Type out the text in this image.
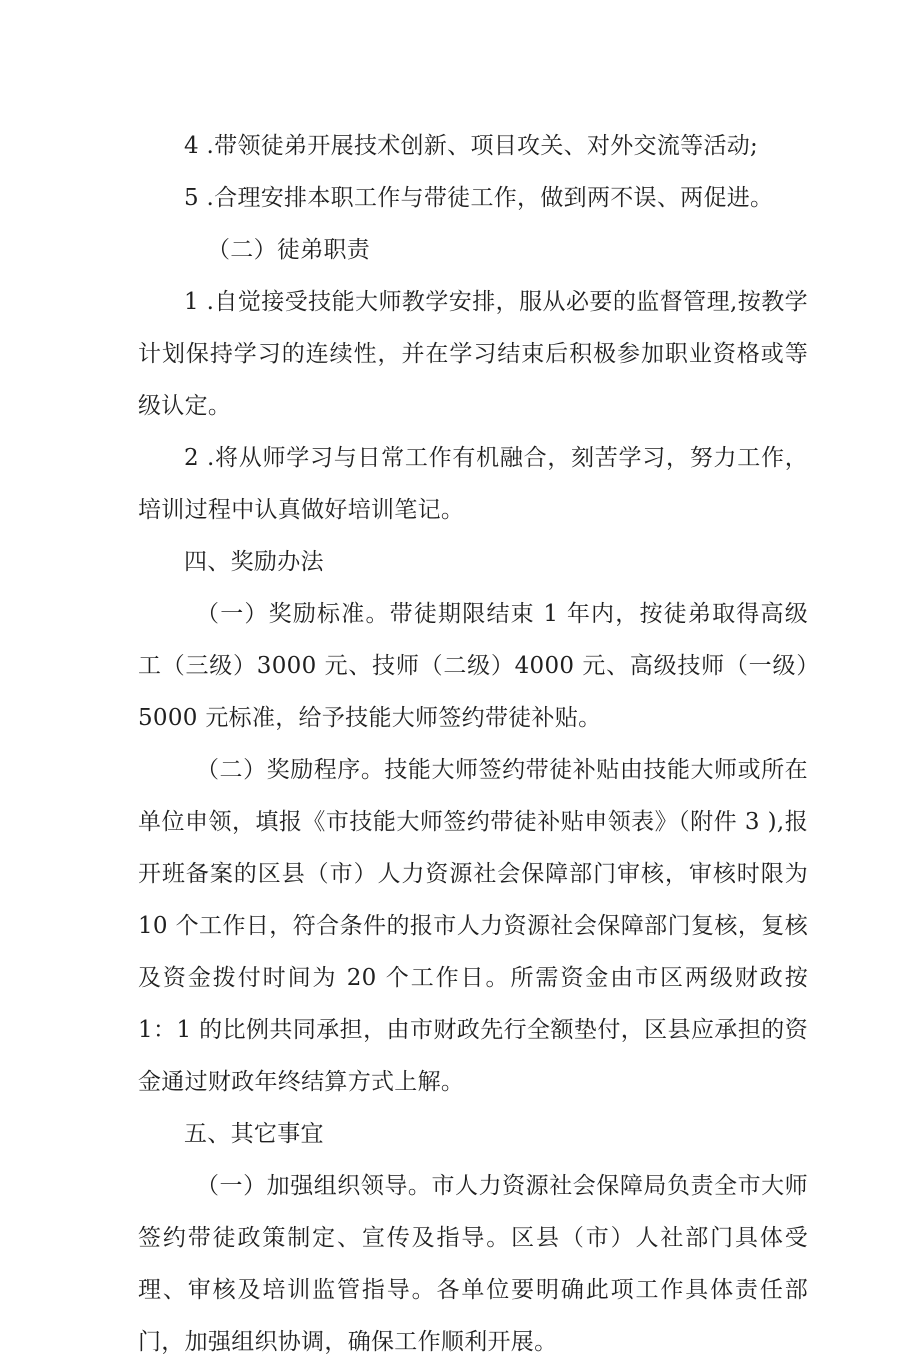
4 .带领徒弟开展技术创新、项目攻关、对外交流等活动;

5 .合理安排本职工作与带徒工作，做到两不误、两促进。

（二）徒弟职责

1 .自觉接受技能大师教学安排，服从必要的监督管理,按教学计划保持学习的连续性，并在学习结束后积极参加职业资格或等级认定。

2 .将从师学习与日常工作有机融合，刻苦学习，努力工作，培训过程中认真做好培训笔记。

四、奖励办法

（一）奖励标准。带徒期限结束 1 年内，按徒弟取得高级工（三级）3000 元、技师（二级）4000 元、高级技师（一级）5000 元标准，给予技能大师签约带徒补贴。

（二）奖励程序。技能大师签约带徒补贴由技能大师或所在单位申领，填报《市技能大师签约带徒补贴申领表》（附件 3 ),报开班备案的区县（市）人力资源社会保障部门审核，审核时限为 10 个工作日，符合条件的报市人力资源社会保障部门复核，复核及资金拨付时间为 20 个工作日。所需资金由市区两级财政按 1：1 的比例共同承担，由市财政先行全额垫付，区县应承担的资金通过财政年终结算方式上解。

五、其它事宜

（一）加强组织领导。市人力资源社会保障局负责全市大师签约带徒政策制定、宣传及指导。区县（市）人社部门具体受理、审核及培训监管指导。各单位要明确此项工作具体责任部门，加强组织协调，确保工作顺利开展。
